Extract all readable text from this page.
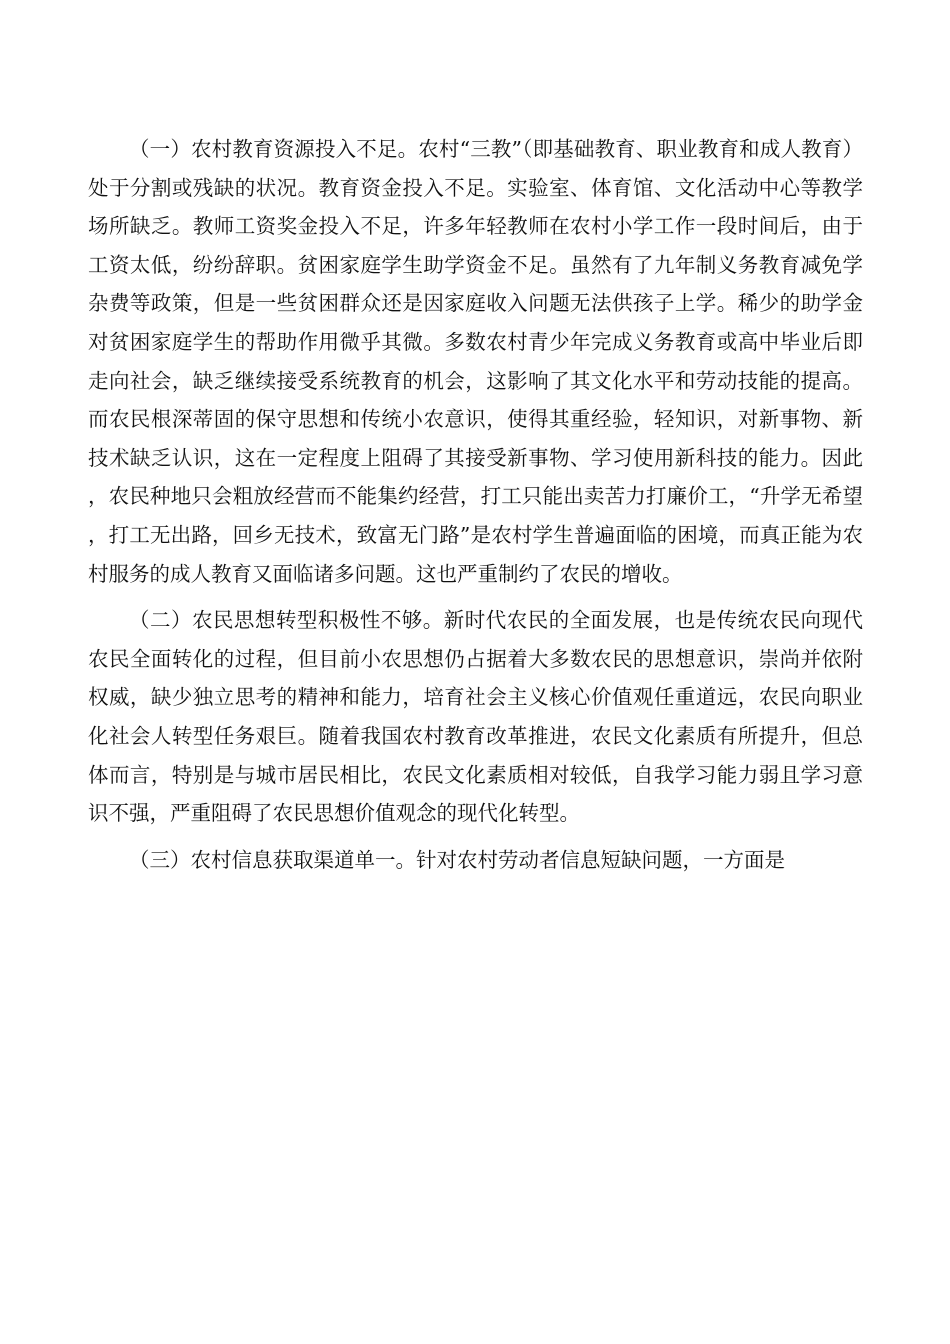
（一）农村教育资源投入不足。农村“三教”（即基础教育、职业教育和成人教育）处于分割或残缺的状况。教育资金投入不足。实验室、体育馆、文化活动中心等教学场所缺乏。教师工资奖金投入不足，许多年轻教师在农村小学工作一段时间后，由于工资太低，纷纷辞职。贫困家庭学生助学资金不足。虽然有了九年制义务教育减免学杂费等政策，但是一些贫困群众还是因家庭收入问题无法供孩子上学。稀少的助学金对贫困家庭学生的帮助作用微乎其微。多数农村青少年完成义务教育或高中毕业后即走向社会，缺乏继续接受系统教育的机会，这影响了其文化水平和劳动技能的提高。而农民根深蒂固的保守思想和传统小农意识，使得其重经验，轻知识，对新事物、新技术缺乏认识，这在一定程度上阻碍了其接受新事物、学习使用新科技的能力。因此，农民种地只会粗放经营而不能集约经营，打工只能出卖苦力打廉价工，“升学无希望，打工无出路，回乡无技术，致富无门路”是农村学生普遍面临的困境，而真正能为农村服务的成人教育又面临诸多问题。这也严重制约了农民的增收。

（二）农民思想转型积极性不够。新时代农民的全面发展，也是传统农民向现代农民全面转化的过程，但目前小农思想仍占据着大多数农民的思想意识，崇尚并依附权威，缺少独立思考的精神和能力，培育社会主义核心价值观任重道远，农民向职业化社会人转型任务艰巨。随着我国农村教育改革推进，农民文化素质有所提升，但总体而言，特别是与城市居民相比，农民文化素质相对较低，自我学习能力弱且学习意识不强，严重阻碍了农民思想价值观念的现代化转型。

（三）农村信息获取渠道单一。针对农村劳动者信息短缺问题，一方面是
